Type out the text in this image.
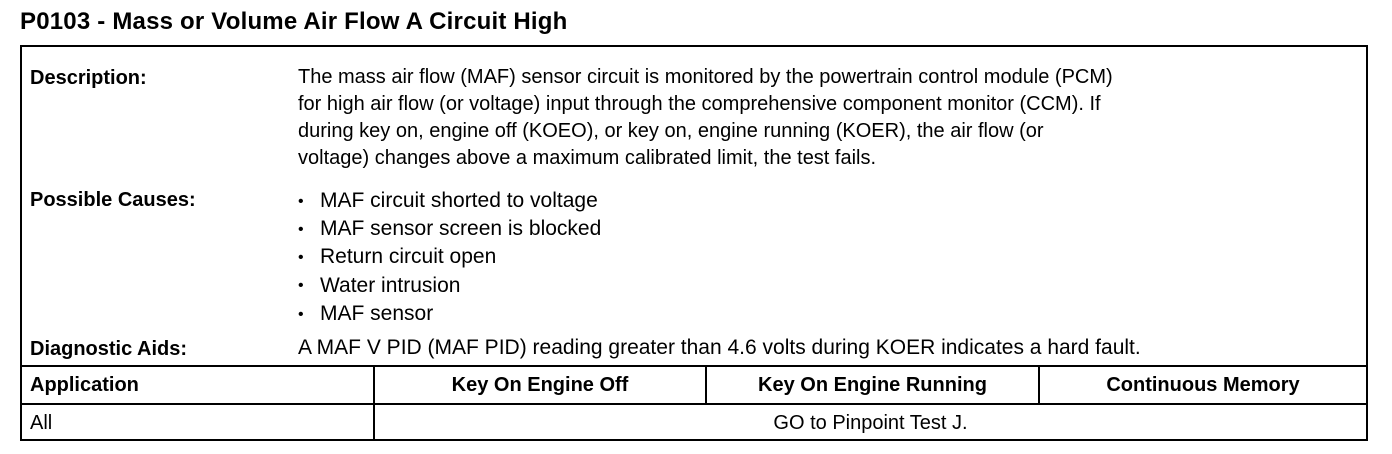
P0103 - Mass or Volume Air Flow A Circuit High
Description:	The mass air flow (MAF) sensor circuit is monitored by the powertrain control module (PCM)
for high air flow (or voltage) input through the comprehensive component monitor (CCM). If
during key on, engine off (KOEO), or key on, engine running (KOER), the air flow (or
voltage) changes above a maximum calibrated limit, the test fails.
Possible Causes:
•	MAF circuit shorted to voltage
• MAF sensor screen is blocked
• Return circuit open
• Water intrusion
• MAF sensor
Diagnostic Aids:	A MAF V PID (MAF PID) reading greater than 4.6 volts during KOER indicates a hard fault.
Application	Key On Engine Off	Key On Engine Running	Continuous Memory
All	GO to Pinpoint Test J.
